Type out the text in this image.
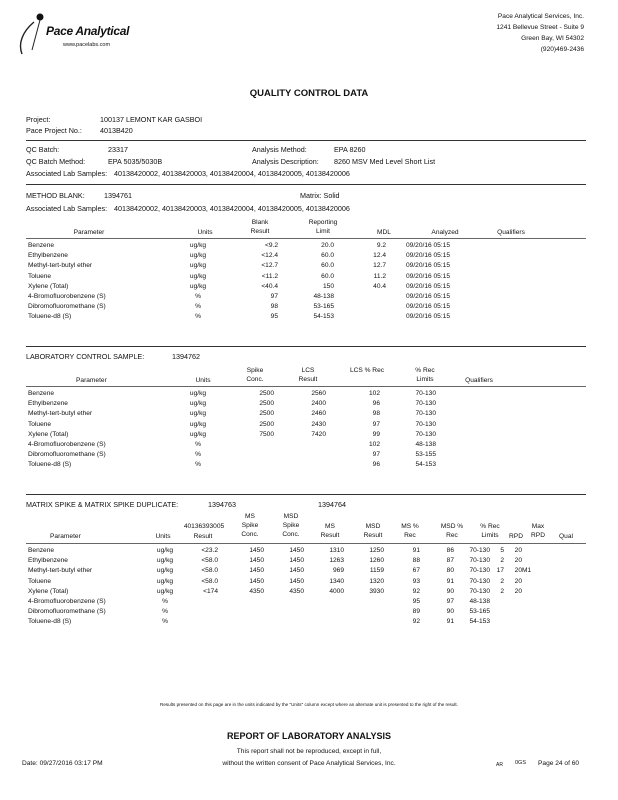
Pace Analytical
www.pacelabs.com
Pace Analytical Services, Inc.
1241 Bellevue Street - Suite 9
Green Bay, WI 54302
(920)469-2436
QUALITY CONTROL DATA
Project:	100137 LEMONT KAR GASBOI
Pace Project No.:	4013B420
QC Batch:	23317	Analysis Method:	EPA 8260
QC Batch Method:	EPA 5035/5030B	Analysis Description: 8260 MSV Med Level Short List
Associated Lab Samples: 40138420002, 40138420003, 40138420004, 40138420005, 40138420006
METHOD BLANK:	1394761	Matrix: Solid
Associated Lab Samples: 40138420002, 40138420003, 40138420004, 40138420005, 40138420006
Parameter	Units
Blank Result
Reporting Limit	MDL	Analyzed	Qualifiers
Benzene	ug/kg	<9.2	20.0	9.2	09/20/16 05:15	
Ethylbenzene	ug/kg	<12.4	60.0	12.4	09/20/16 05:15	
Methyl-tert-butyl ether	ug/kg	<12.7	60.0	12.7	09/20/16 05:15	
Toluene	ug/kg	<11.2	60.0	11.2	09/20/16 05:15	
Xylene (Total)	ug/kg	<40.4	150	40.4	09/20/16 05:15	
4-Bromofluorobenzene (S)	%	97	48-138		09/20/16 05:15	
Dibromofluoromethane (S)	%	98	53-165		09/20/16 05:15	
Toluene-d8 (S)	%	95	54-153		09/20/16 05:15	
LABORATORY CONTROL SAMPLE:	1394762
Parameter	Units
Spike Conc.
LCS Result
LCS % Rec	% Rec Limits	Qualifiers
Benzene	ug/kg	2500	2560	102	70-130	
Ethylbenzene	ug/kg	2500	2400	96	70-130	
Methyl-tert-butyl ether	ug/kg	2500	2460	98	70-130	
Toluene	ug/kg	2500	2430	97	70-130	
Xylene (Total)	ug/kg	7500	7420	99	70-130	
4-Bromofluorobenzene (S)	%			102	48-138	
Dibromofluoromethane (S)	%			97	53-155	
Toluene-d8 (S)	%			96	54-153	
MATRIX SPIKE & MATRIX SPIKE DUPLICATE:	1394763	1394764
40136393005
Parameter	Units	Result
MS Spike Conc.
MSD Spike Conc.
MS Result
MSD Result
MS % Rec
MSD % Rec
% Rec Limits	RPD
Max RPD	Qual
Benzene	ug/kg	<23.2	1450	1450	1310	1250	91	86	70-130	5	20	
Ethylbenzene	ug/kg	<58.0	1450	1450	1263	1260	88	87	70-130	2	20	
Methyl-tert-butyl ether	ug/kg	<58.0	1450	1450	969	1159	67	80	70-130	17	20	M1
Toluene	ug/kg	<58.0	1450	1450	1340	1320	93	91	70-130	2	20	
Xylene (Total)	ug/kg	<174	4350	4350	4000	3930	92	90	70-130	2	20	
4-Bromofluorobenzene (S)	%						95	97	48-138			
Dibromofluoromethane (S)	%						89	90	53-165			
Toluene-d8 (S)	%						92	91	54-153			
Results presented on this page are in the units indicated by the "Units" column except where an alternate unit is presented to the right of the result.
REPORT OF LABORATORY ANALYSIS
This report shall not be reproduced, except in full,
without the written consent of Pace Analytical Services, Inc.
Date: 09/27/2016 03:17 PM	AR 0GS Page 24 of 60
